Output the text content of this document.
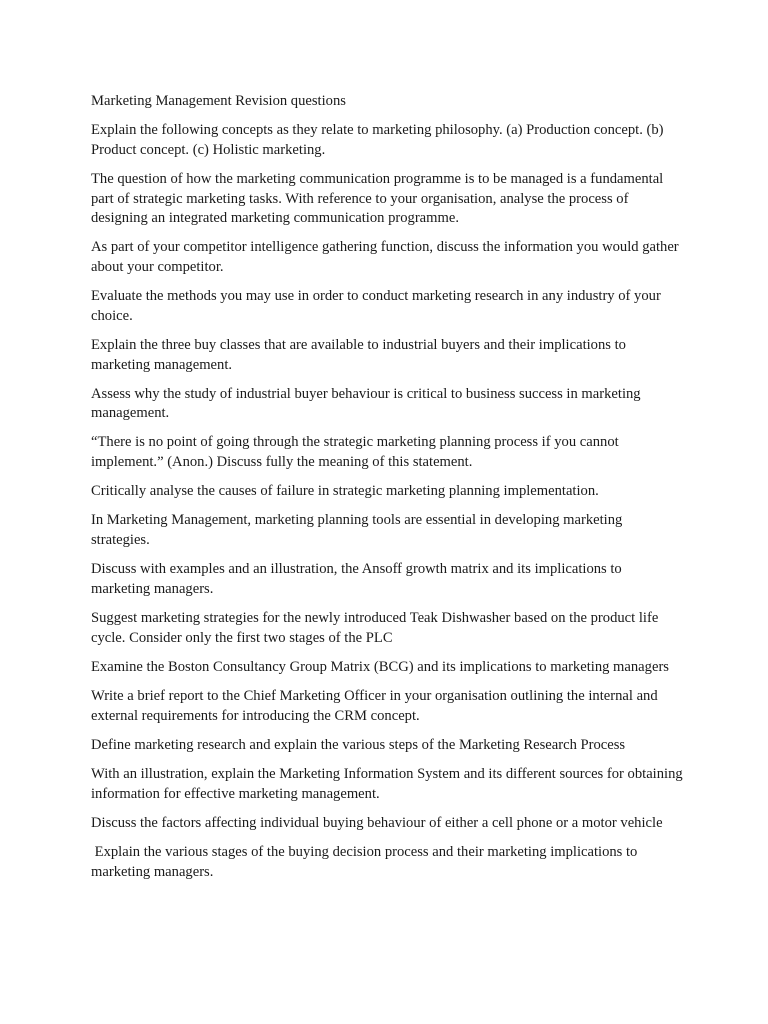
Marketing Management Revision questions

Explain the following concepts as they relate to marketing philosophy. (a) Production concept. (b) Product concept. (c) Holistic marketing.

The question of how the marketing communication programme is to be managed is a fundamental part of strategic marketing tasks. With reference to your organisation, analyse the process of designing an integrated marketing communication programme.

As part of your competitor intelligence gathering function, discuss the information you would gather about your competitor.

Evaluate the methods you may use in order to conduct marketing research in any industry of your choice.

Explain the three buy classes that are available to industrial buyers and their implications to marketing management.

Assess why the study of industrial buyer behaviour is critical to business success in marketing management.

“There is no point of going through the strategic marketing planning process if you cannot implement.” (Anon.) Discuss fully the meaning of this statement.

Critically analyse the causes of failure in strategic marketing planning implementation.

In Marketing Management, marketing planning tools are essential in developing marketing strategies.

Discuss with examples and an illustration, the Ansoff growth matrix and its implications to marketing managers.

Suggest marketing strategies for the newly introduced Teak Dishwasher based on the product life cycle. Consider only the first two stages of the PLC

Examine the Boston Consultancy Group Matrix (BCG) and its implications to marketing managers

Write a brief report to the Chief Marketing Officer in your organisation outlining the internal and external requirements for introducing the CRM concept.

Define marketing research and explain the various steps of the Marketing Research Process

With an illustration, explain the Marketing Information System and its different sources for obtaining information for effective marketing management.

Discuss the factors affecting individual buying behaviour of either a cell phone or a motor vehicle

Explain the various stages of the buying decision process and their marketing implications to marketing managers.
